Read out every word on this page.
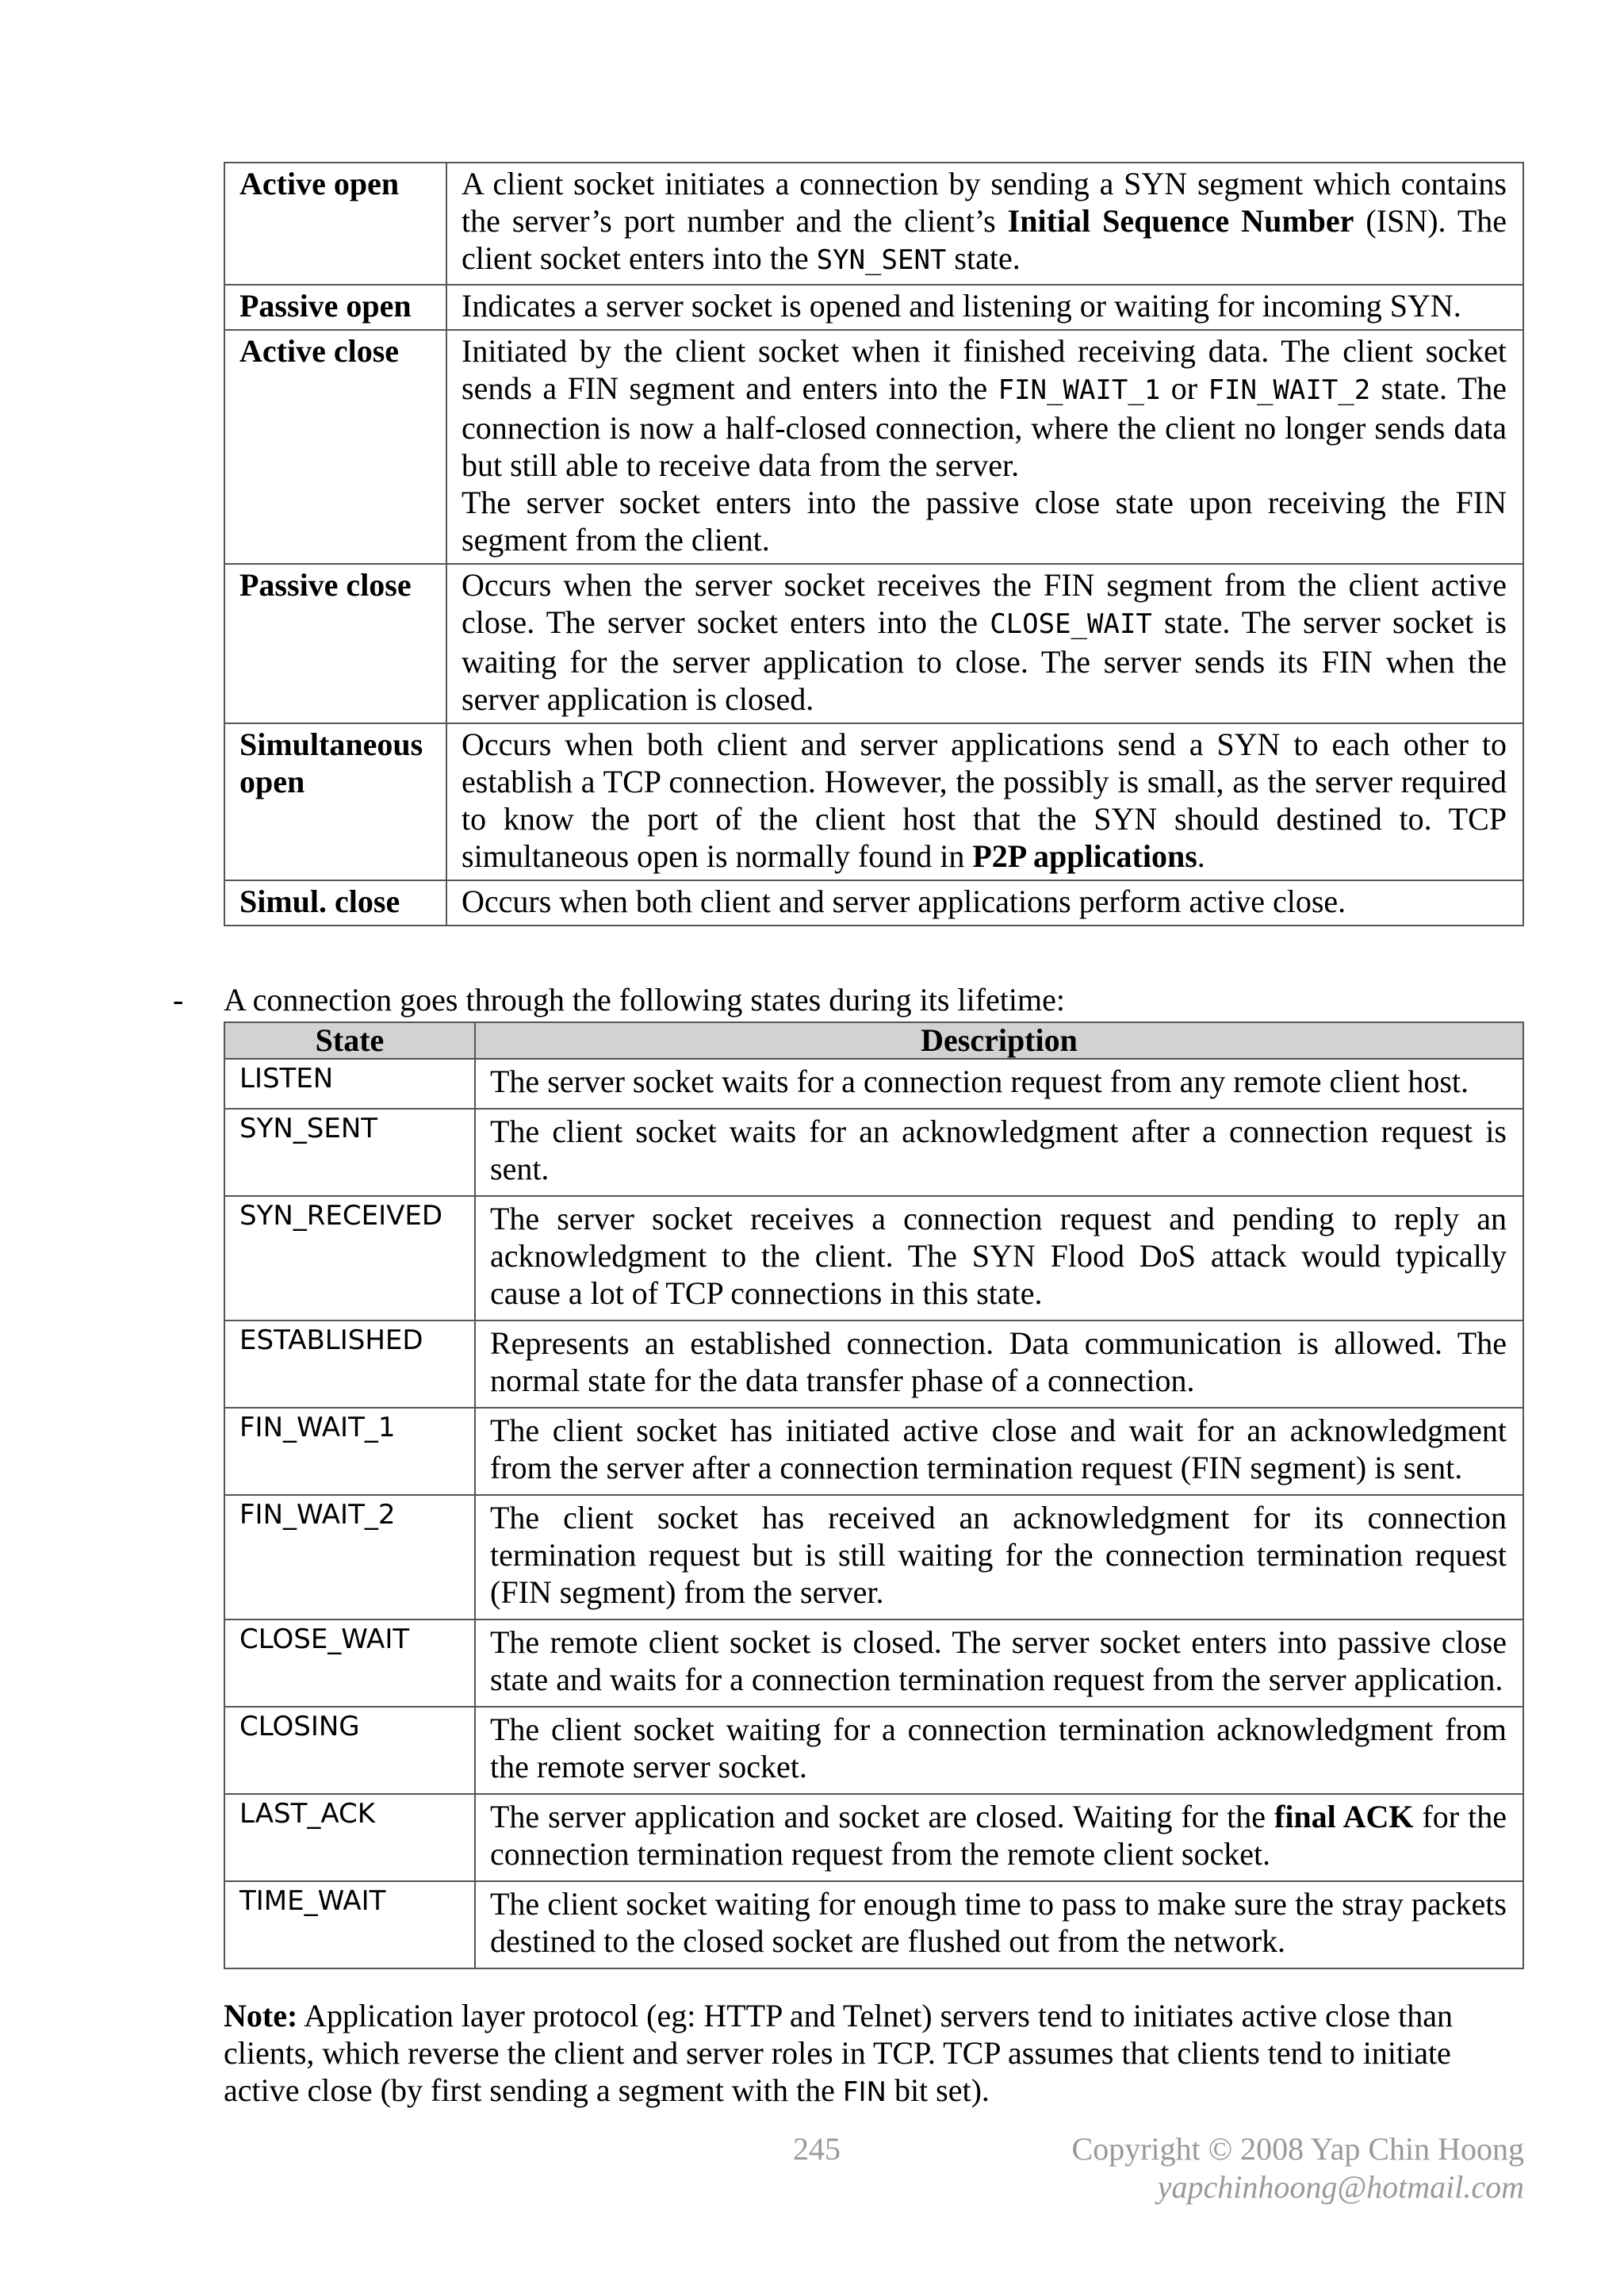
Active open	A client socket initiates a connection by sending a SYN segment which contains the server’s port number and the client’s Initial Sequence Number (ISN). The client socket enters into the SYN_SENT state.
Passive open	Indicates a server socket is opened and listening or waiting for incoming SYN.
Active close	Initiated by the client socket when it finished receiving data. The client socket sends a FIN segment and enters into the FIN_WAIT_1 or FIN_WAIT_2 state. The connection is now a half-closed connection, where the client no longer sends data but still able to receive data from the server.
The server socket enters into the passive close state upon receiving the FIN segment from the client.
Passive close	Occurs when the server socket receives the FIN segment from the client active close. The server socket enters into the CLOSE_WAIT state. The server socket is waiting for the server application to close. The server sends its FIN when the server application is closed.
Simultaneous open	Occurs when both client and server applications send a SYN to each other to establish a TCP connection. However, the possibly is small, as the server required to know the port of the client host that the SYN should destined to. TCP simultaneous open is normally found in P2P applications.
Simul. close	Occurs when both client and server applications perform active close.
- A connection goes through the following states during its lifetime:
State	Description
LISTEN	The server socket waits for a connection request from any remote client host.
SYN_SENT	The client socket waits for an acknowledgment after a connection request is sent.
SYN_RECEIVED	The server socket receives a connection request and pending to reply an acknowledgment to the client. The SYN Flood DoS attack would typically cause a lot of TCP connections in this state.
ESTABLISHED	Represents an established connection. Data communication is allowed. The normal state for the data transfer phase of a connection.
FIN_WAIT_1	The client socket has initiated active close and wait for an acknowledgment from the server after a connection termination request (FIN segment) is sent.
FIN_WAIT_2	The client socket has received an acknowledgment for its connection termination request but is still waiting for the connection termination request (FIN segment) from the server.
CLOSE_WAIT	The remote client socket is closed. The server socket enters into passive close state and waits for a connection termination request from the server application.
CLOSING	The client socket waiting for a connection termination acknowledgment from the remote server socket.
LAST_ACK	The server application and socket are closed. Waiting for the final ACK for the connection termination request from the remote client socket.
TIME_WAIT	The client socket waiting for enough time to pass to make sure the stray packets destined to the closed socket are flushed out from the network.
Note: Application layer protocol (eg: HTTP and Telnet) servers tend to initiates active close than clients, which reverse the client and server roles in TCP. TCP assumes that clients tend to initiate active close (by first sending a segment with the FIN bit set).
245	Copyright © 2008 Yap Chin Hoong
yapchinhoong@hotmail.com
